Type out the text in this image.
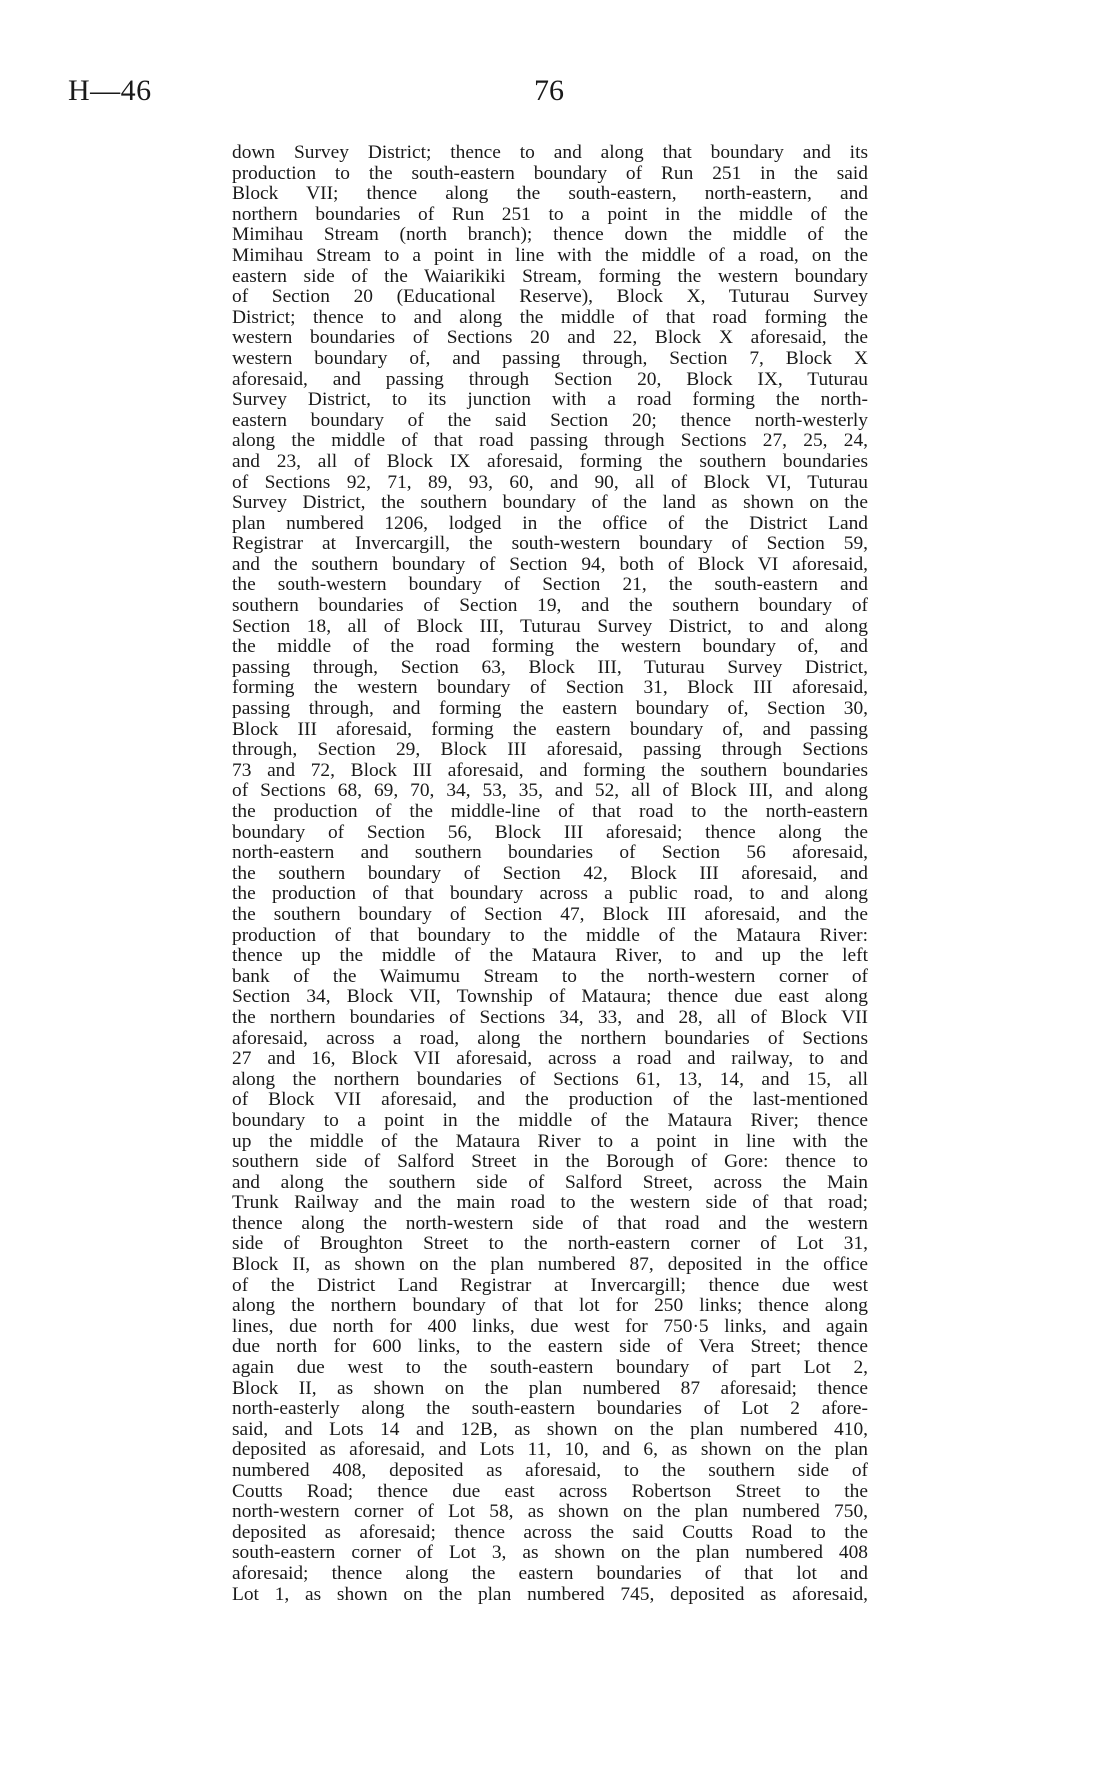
H—46	76
down Survey District; thence to and along that boundary and its
production to the south-eastern boundary of Run 251 in the said
Block VII; thence along the south-eastern, north-eastern, and
northern boundaries of Run 251 to a point in the middle of the
Mimihau Stream (north branch); thence down the middle of the
Mimihau Stream to a point in line with the middle of a road, on the
eastern side of the Waiarikiki Stream, forming the western boundary
of Section 20 (Educational Reserve), Block X, Tuturau Survey
District; thence to and along the middle of that road forming the
western boundaries of Sections 20 and 22, Block X aforesaid, the
western boundary of, and passing through, Section 7, Block X
aforesaid, and passing through Section 20, Block IX, Tuturau
Survey District, to its junction with a road forming the north-
eastern boundary of the said Section 20; thence north-westerly
along the middle of that road passing through Sections 27, 25, 24,
and 23, all of Block IX aforesaid, forming the southern boundaries
of Sections 92, 71, 89, 93, 60, and 90, all of Block VI, Tuturau
Survey District, the southern boundary of the land as shown on the
plan numbered 1206, lodged in the office of the District Land
Registrar at Invercargill, the south-western boundary of Section 59,
and the southern boundary of Section 94, both of Block VI aforesaid,
the south-western boundary of Section 21, the south-eastern and
southern boundaries of Section 19, and the southern boundary of
Section 18, all of Block III, Tuturau Survey District, to and along
the middle of the road forming the western boundary of, and
passing through, Section 63, Block III, Tuturau Survey District,
forming the western boundary of Section 31, Block III aforesaid,
passing through, and forming the eastern boundary of, Section 30,
Block III aforesaid, forming the eastern boundary of, and passing
through, Section 29, Block III aforesaid, passing through Sections
73 and 72, Block III aforesaid, and forming the southern boundaries
of Sections 68, 69, 70, 34, 53, 35, and 52, all of Block III, and along
the production of the middle-line of that road to the north-eastern
boundary of Section 56, Block III aforesaid; thence along the
north-eastern and southern boundaries of Section 56 aforesaid,
the southern boundary of Section 42, Block III aforesaid, and
the production of that boundary across a public road, to and along
the southern boundary of Section 47, Block III aforesaid, and the
production of that boundary to the middle of the Mataura River:
thence up the middle of the Mataura River, to and up the left
bank of the Waimumu Stream to the north-western corner of
Section 34, Block VII, Township of Mataura; thence due east along
the northern boundaries of Sections 34, 33, and 28, all of Block VII
aforesaid, across a road, along the northern boundaries of Sections
27 and 16, Block VII aforesaid, across a road and railway, to and
along the northern boundaries of Sections 61, 13, 14, and 15, all
of Block VII aforesaid, and the production of the last-mentioned
boundary to a point in the middle of the Mataura River; thence
up the middle of the Mataura River to a point in line with the
southern side of Salford Street in the Borough of Gore: thence to
and along the southern side of Salford Street, across the Main
Trunk Railway and the main road to the western side of that road;
thence along the north-western side of that road and the western
side of Broughton Street to the north-eastern corner of Lot 31,
Block II, as shown on the plan numbered 87, deposited in the office
of the District Land Registrar at Invercargill; thence due west
along the northern boundary of that lot for 250 links; thence along
lines, due north for 400 links, due west for 750·5 links, and again
due north for 600 links, to the eastern side of Vera Street; thence
again due west to the south-eastern boundary of part Lot 2,
Block II, as shown on the plan numbered 87 aforesaid; thence
north-easterly along the south-eastern boundaries of Lot 2 afore-
said, and Lots 14 and 12B, as shown on the plan numbered 410,
deposited as aforesaid, and Lots 11, 10, and 6, as shown on the plan
numbered 408, deposited as aforesaid, to the southern side of
Coutts Road; thence due east across Robertson Street to the
north-western corner of Lot 58, as shown on the plan numbered 750,
deposited as aforesaid; thence across the said Coutts Road to the
south-eastern corner of Lot 3, as shown on the plan numbered 408
aforesaid; thence along the eastern boundaries of that lot and
Lot 1, as shown on the plan numbered 745, deposited as aforesaid,
